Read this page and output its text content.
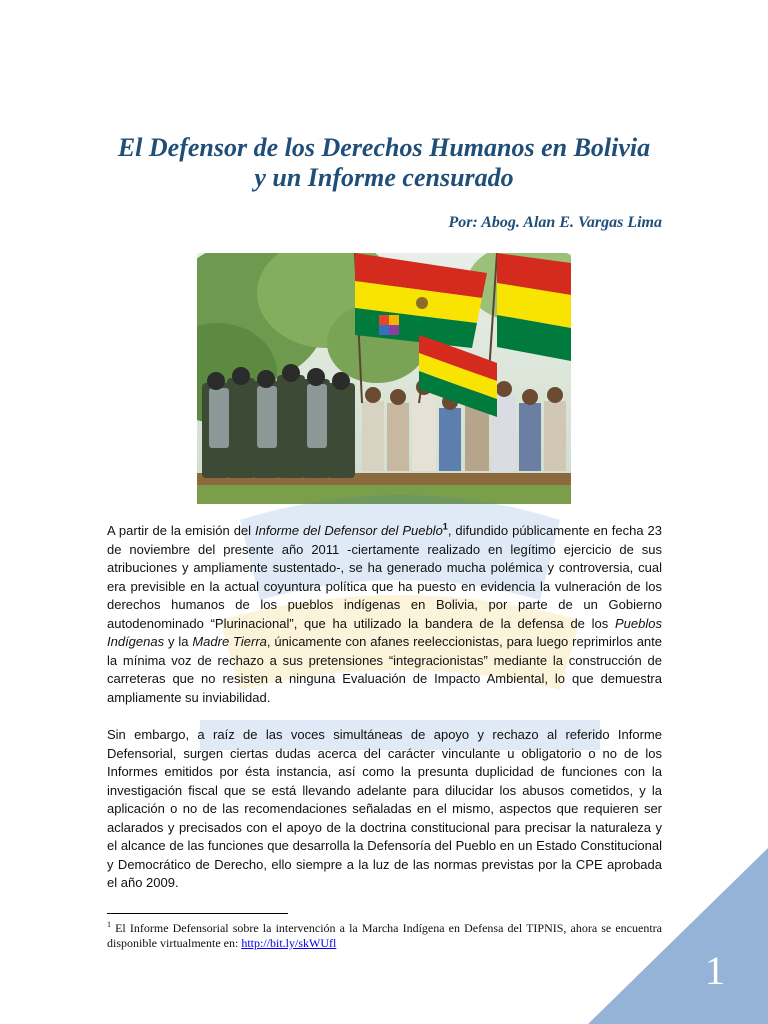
El Defensor de los Derechos Humanos en Bolivia
y un Informe censurado
Por: Abog. Alan E. Vargas Lima

A partir de la emisión del Informe del Defensor del Pueblo$^1$, difundido públicamente en fecha 23 de noviembre del presente año 2011 -ciertamente realizado en legítimo ejercicio de sus atribuciones y ampliamente sustentado-, se ha generado mucha polémica y controversia, cual era previsible en la actual coyuntura política que ha puesto en evidencia la vulneración de los derechos humanos de los pueblos indígenas en Bolivia, por parte de un Gobierno autodenominado “Plurinacional”, que ha utilizado la bandera de la defensa de los Pueblos Indígenas y la Madre Tierra, únicamente con afanes reeleccionistas, para luego reprimirlos ante la mínima voz de rechazo a sus pretensiones “integracionistas” mediante la construcción de carreteras que no resisten a ninguna Evaluación de Impacto Ambiental, lo que demuestra ampliamente su inviabilidad.

Sin embargo, a raíz de las voces simultáneas de apoyo y rechazo al referido Informe Defensorial, surgen ciertas dudas acerca del carácter vinculante u obligatorio o no de los Informes emitidos por ésta instancia, así como la presunta duplicidad de funciones con la investigación fiscal que se está llevando adelante para dilucidar los abusos cometidos, y la aplicación o no de las recomendaciones señaladas en el mismo, aspectos que requieren ser aclarados y precisados con el apoyo de la doctrina constitucional para precisar la naturaleza y el alcance de las funciones que desarrolla la Defensoría del Pueblo en un Estado Constitucional y Democrático de Derecho, ello siempre a la luz de las normas previstas por la CPE aprobada el año 2009.

$^1$ El Informe Defensorial sobre la intervención a la Marcha Indígena en Defensa del TIPNIS, ahora se encuentra disponible virtualmente en: http://bit.ly/skWUfl

1
